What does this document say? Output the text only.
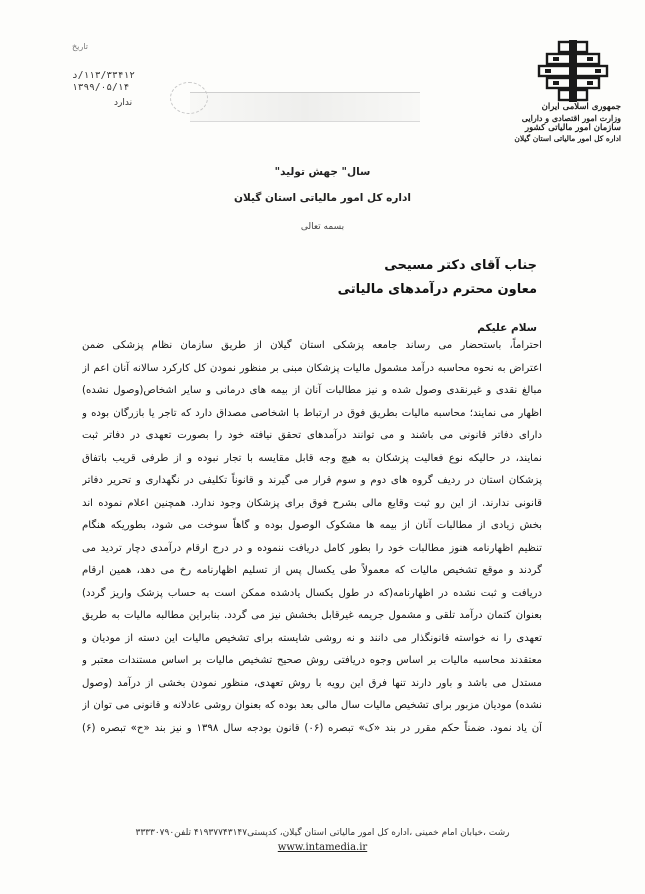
جمهوری اسلامی ایران
وزارت امور اقتصادی و دارایی
سازمان امور مالیاتی کشور
اداره کل امور مالیاتی استان گیلان
تاریخ
۱۱۳/۳۳۴۱۲/د
۱۳۹۹/۰۵/۱۴
ندارد
سال" جهش تولید"
اداره کل امور مالیاتی استان گیلان
بسمه تعالی
جناب آقای دکتر مسیحی
معاون محترم درآمدهای مالیاتی
سلام علیکم
احتراماً، باستحضار می رساند جامعه پزشکی استان گیلان از طریق سازمان نظام پزشکی ضمن
اعتراض به نحوه محاسبه درآمد مشمول مالیات پزشکان مبنی بر منظور نمودن کل کارکرد سالانه آنان اعم از
مبالغ نقدی و غیرنقدی وصول شده و نیز مطالبات آنان از بیمه های درمانی و سایر اشخاص(وصول نشده)
اظهار می نمایند؛ محاسبه مالیات بطریق فوق در ارتباط با اشخاصی مصداق دارد که تاجر یا بازرگان بوده و
دارای دفاتر قانونی می باشند و می توانند درآمدهای تحقق نیافته خود را بصورت تعهدی در دفاتر ثبت
نمایند، در حالیکه نوع فعالیت پزشکان به هیچ وجه قابل مقایسه با تجار نبوده و از طرفی قریب باتفاق
پزشکان استان در ردیف گروه های دوم و سوم قرار می گیرند و قانوناً تکلیفی در نگهداری و تحریر دفاتر
قانونی ندارند. از این رو ثبت وقایع مالی بشرح فوق برای پزشکان وجود ندارد. همچنین اعلام نموده اند
بخش زیادی از مطالبات آنان از بیمه ها مشکوک الوصول بوده و گاهاً سوخت می شود، بطوریکه هنگام
تنظیم اظهارنامه هنوز مطالبات خود را بطور کامل دریافت ننموده و در درج ارقام درآمدی دچار تردید می
گردند و موقع تشخیص مالیات که معمولاً طی یکسال پس از تسلیم اظهارنامه رخ می دهد، همین ارقام
دریافت و ثبت نشده در اظهارنامه(که در طول یکسال یادشده ممکن است به حساب پزشک واریز گردد)
بعنوان کتمان درآمد تلقی و مشمول جریمه غیرقابل بخشش نیز می گردد. بنابراین مطالبه مالیات به طریق
تعهدی را نه خواسته قانونگذار می دانند و نه روشی شایسته برای تشخیص مالیات این دسته از مودیان و
معتقدند محاسبه مالیات بر اساس وجوه دریافتی روش صحیح تشخیص مالیات بر اساس مستندات معتبر و
مستدل می باشد و باور دارند تنها فرق این رویه با روش تعهدی، منظور نمودن بخشی از درآمد (وصول
نشده) مودیان مزبور برای تشخیص مالیات سال مالی بعد بوده که بعنوان روشی عادلانه و قانونی می توان از
آن یاد نمود. ضمناً حکم مقرر در بند «ک» تبصره (۰۶) قانون بودجه سال ۱۳۹۸ و نیز بند «ح» تبصره (۶)
رشت ،خیابان امام خمینی ،اداره کل امور مالیاتی استان گیلان، کدپستی۴۱۹۳۷۷۴۳۱۴۷ تلفن۳۳۳۳۰۷۹۰
www.intamedia.ir
